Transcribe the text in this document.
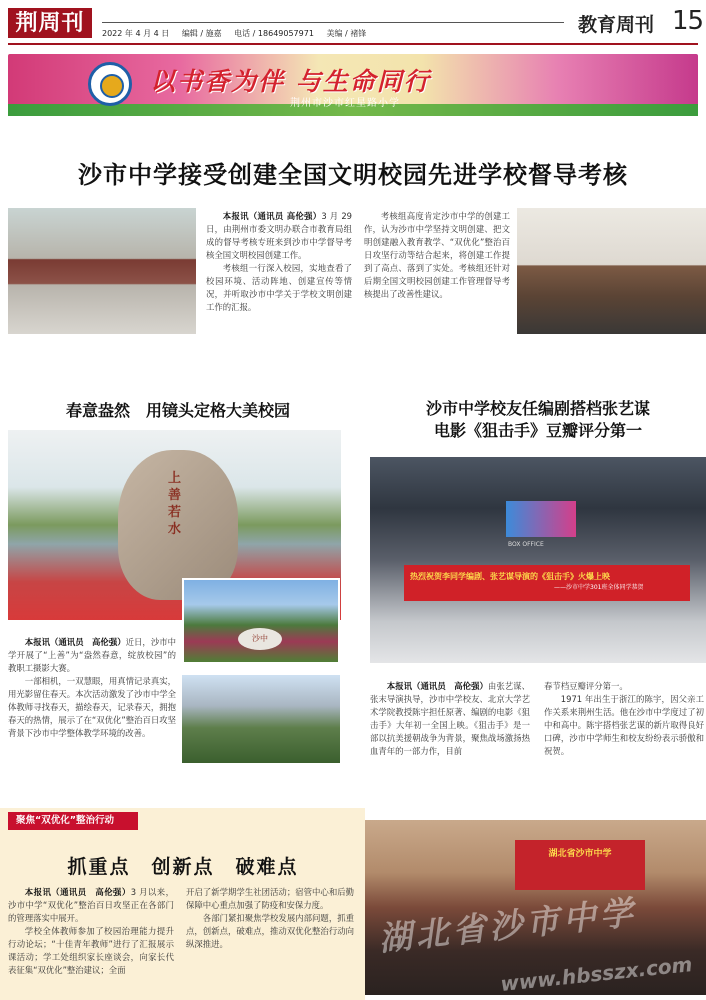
荆周刊	2022 年 4 月 4 日 编辑 / 施嘉 电话 / 18649057971 美编 / 褚锋	教育周刊 15
以书香为伴 与生命同行
荆州市沙市红星路小学
沙市中学接受创建全国文明校园先进学校督导考核

本报讯（通讯员 高伦强）3 月 29 日，由荆州市委文明办联合市教育局组成的督导考核专班来到沙市中学督导考核全国文明校园创建工作。

考核组一行深入校园，实地查看了校园环境、活动阵地、创建宣传等情况，并听取沙市中学关于学校文明创建工作的汇报。

考核组高度肯定沙市中学的创建工作，认为沙市中学坚持文明创建、把文明创建融入教育教学、“双优化”整治百日攻坚行动等结合起来，将创建工作提到了高点、落到了实处。考核组还针对后期全国文明校园创建工作管理督导考核提出了改善性建议。

春意盎然　用镜头定格大美校园
上善若水
沙中

本报讯（通讯员　高伦强）近日，沙市中学开展了“上善”为“盎然春意，绽放校园”的教职工摄影大赛。

一部相机，一双慧眼，用真情记录真实，用光影留住春天。本次活动激发了沙市中学全体教师寻找春天，描绘春天，记录春天，拥抱春天的热情，展示了在“双优化”整治百日攻坚背景下沙市中学整体教学环境的改善。

沙市中学校友任编剧搭档张艺谋
电影《狙击手》豆瓣评分第一
BOX OFFICE
热烈祝贺李同学编剧、张艺谋导演的《狙击手》火爆上映
——沙市中学301班全体同学恭贺

本报讯（通讯员　高伦强）由张艺谋、张末导演执导，沙市中学校友、北京大学艺术学院教授陈宇担任原著、编剧的电影《狙击手》大年初一全国上映。《狙击手》是一部以抗美援朝战争为背景，聚焦战场激扬热血青年的一部力作，目前

春节档豆瓣评分第一。

1971 年出生于浙江的陈宇，因父亲工作关系来荆州生活。他在沙市中学度过了初中和高中。陈宇搭档张艺谋的新片取得良好口碑，沙市中学师生和校友纷纷表示骄傲和祝贺。

聚焦“双优化”整治行动
抓重点　创新点　破难点

本报讯（通讯员　高伦强）3 月以来，沙市中学“双优化”整治百日攻坚正在各部门的管理落实中展开。

学校全体教师参加了校园治理能力提升行动论坛；“十佳青年教师”进行了汇报展示课活动；学工处组织家长座谈会，向家长代表征集“双优化”整治建议；全面

开启了新学期学生社团活动；宿管中心和后勤保障中心重点加强了防疫和安保力度。

各部门紧扣聚焦学校发展内部问题，抓重点，创新点，破难点，推动双优化整治行动向纵深推进。

湖北省沙市中学
湖北省沙市中学
www.hbsszx.com
